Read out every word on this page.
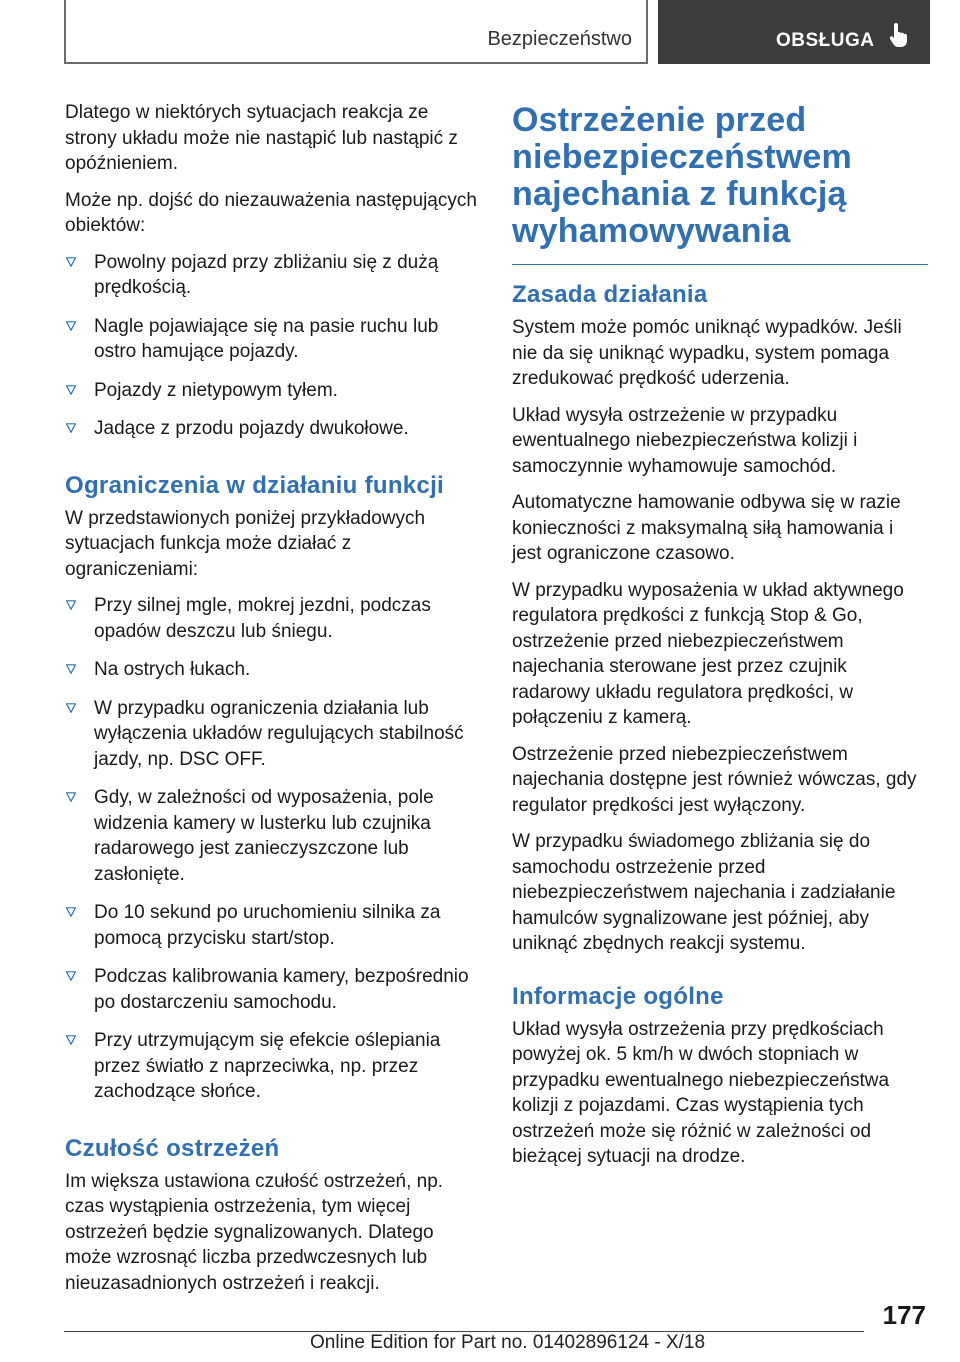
Bezpieczeństwo	OBSŁUGA

Dlatego w niektórych sytuacjach reakcja ze strony układu może nie nastąpić lub nastąpić z opóźnieniem.

Może np. dojść do niezauważenia następujących obiektów:

Powolny pojazd przy zbliżaniu się z dużą prędkością.
Nagle pojawiające się na pasie ruchu lub ostro hamujące pojazdy.
Pojazdy z nietypowym tyłem.
Jadące z przodu pojazdy dwukołowe.
Ograniczenia w działaniu funkcji

W przedstawionych poniżej przykładowych sytuacjach funkcja może działać z ograniczeniami:

Przy silnej mgle, mokrej jezdni, podczas opadów deszczu lub śniegu.
Na ostrych łukach.
W przypadku ograniczenia działania lub wyłączenia układów regulujących stabilność jazdy, np. DSC OFF.
Gdy, w zależności od wyposażenia, pole widzenia kamery w lusterku lub czujnika radarowego jest zanieczyszczone lub zasłonięte.
Do 10 sekund po uruchomieniu silnika za pomocą przycisku start/stop.
Podczas kalibrowania kamery, bezpośrednio po dostarczeniu samochodu.
Przy utrzymującym się efekcie oślepiania przez światło z naprzeciwka, np. przez zachodzące słońce.
Czułość ostrzeżeń

Im większa ustawiona czułość ostrzeżeń, np. czas wystąpienia ostrzeżenia, tym więcej ostrzeżeń będzie sygnalizowanych. Dlatego może wzrosnąć liczba przedwczesnych lub nieuzasadnionych ostrzeżeń i reakcji.

Ostrzeżenie przed niebezpieczeństwem najechania z funkcją wyhamowywania
Zasada działania

System może pomóc uniknąć wypadków. Jeśli nie da się uniknąć wypadku, system pomaga zredukować prędkość uderzenia.

Układ wysyła ostrzeżenie w przypadku ewentualnego niebezpieczeństwa kolizji i samoczynnie wyhamowuje samochód.

Automatyczne hamowanie odbywa się w razie konieczności z maksymalną siłą hamowania i jest ograniczone czasowo.

W przypadku wyposażenia w układ aktywnego regulatora prędkości z funkcją Stop & Go, ostrzeżenie przed niebezpieczeństwem najechania sterowane jest przez czujnik radarowy układu regulatora prędkości, w połączeniu z kamerą.

Ostrzeżenie przed niebezpieczeństwem najechania dostępne jest również wówczas, gdy regulator prędkości jest wyłączony.

W przypadku świadomego zbliżania się do samochodu ostrzeżenie przed niebezpieczeństwem najechania i zadziałanie hamulców sygnalizowane jest później, aby uniknąć zbędnych reakcji systemu.

Informacje ogólne

Układ wysyła ostrzeżenia przy prędkościach powyżej ok. 5 km/h w dwóch stopniach w przypadku ewentualnego niebezpieczeństwa kolizji z pojazdami. Czas wystąpienia tych ostrzeżeń może się różnić w zależności od bieżącej sytuacji na drodze.

177
Online Edition for Part no. 01402896124 - X/18
